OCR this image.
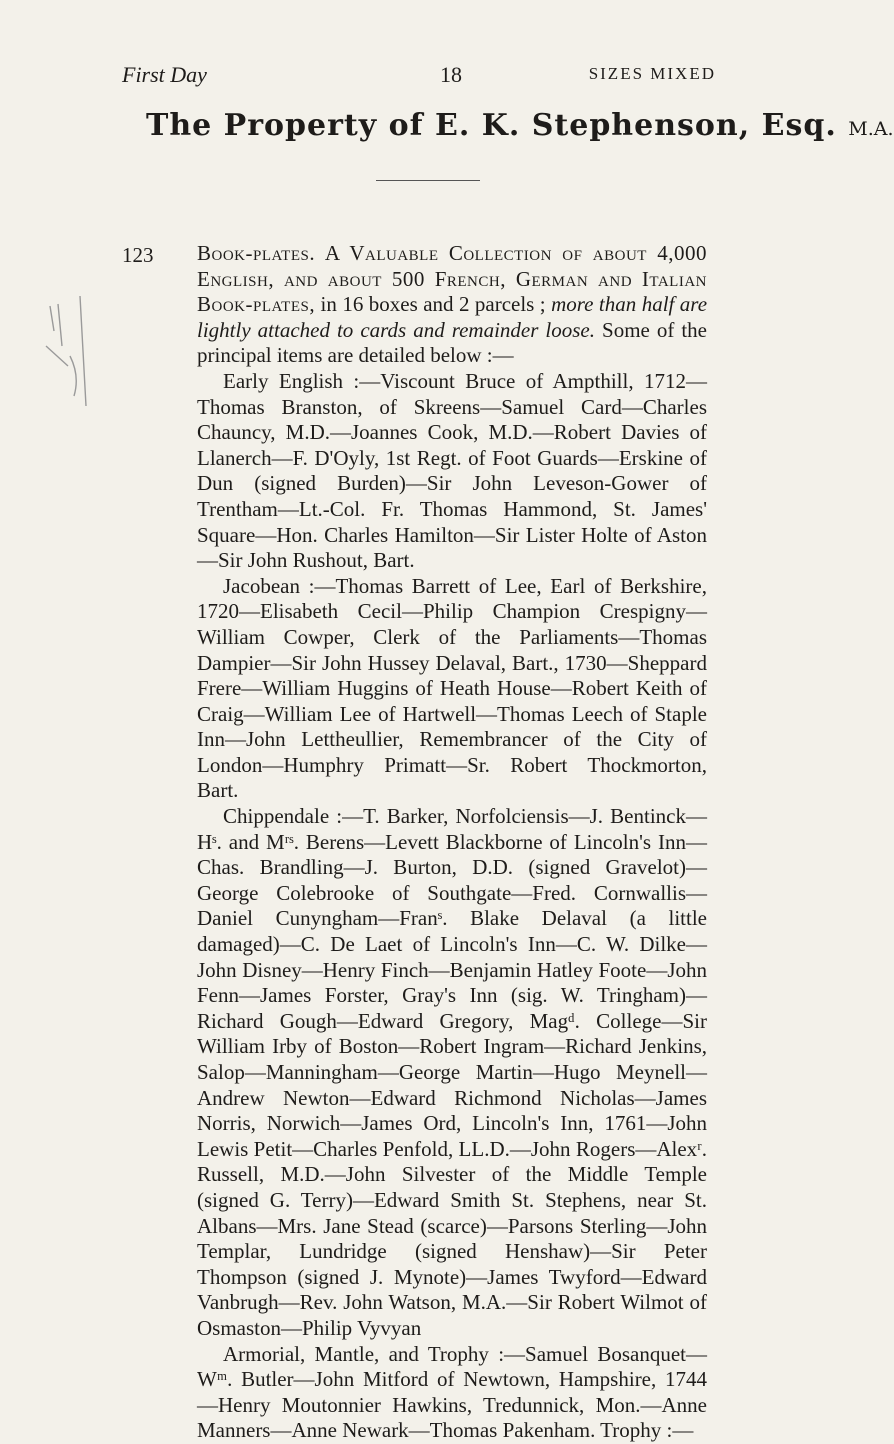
First Day	18	SIZES MIXED
The Property of E. K. Stephenson, Esq. M.A.
123 Book-plates. A Valuable Collection of about 4,000 English, and about 500 French, German and Italian Book-plates, in 16 boxes and 2 parcels ; more than half are lightly attached to cards and remainder loose. Some of the principal items are detailed below :—

Early English :—Viscount Bruce of Ampthill, 1712—Thomas Branston, of Skreens—Samuel Card—Charles Chauncy, M.D.—Joannes Cook, M.D.—Robert Davies of Llanerch—F. D'Oyly, 1st Regt. of Foot Guards—Erskine of Dun (signed Burden)—Sir John Leveson-Gower of Trentham—Lt.-Col. Fr. Thomas Hammond, St. James' Square—Hon. Charles Hamilton—Sir Lister Holte of Aston—Sir John Rushout, Bart.

Jacobean :—Thomas Barrett of Lee, Earl of Berkshire, 1720—Elisabeth Cecil—Philip Champion Crespigny—William Cowper, Clerk of the Parliaments—Thomas Dampier—Sir John Hussey Delaval, Bart., 1730—Sheppard Frere—William Huggins of Heath House—Robert Keith of Craig—William Lee of Hartwell—Thomas Leech of Staple Inn—John Lettheullier, Remembrancer of the City of London—Humphry Primatt—Sr. Robert Thockmorton, Bart.

Chippendale :—T. Barker, Norfolciensis—J. Bentinck—Hˢ. and Mʳˢ. Berens—Levett Blackborne of Lincoln's Inn—Chas. Brandling—J. Burton, D.D. (signed Gravelot)—George Colebrooke of Southgate—Fred. Cornwallis—Daniel Cunyngham—Franˢ. Blake Delaval (a little damaged)—C. De Laet of Lincoln's Inn—C. W. Dilke—John Disney—Henry Finch—Benjamin Hatley Foote—John Fenn—James Forster, Gray's Inn (sig. W. Tringham)—Richard Gough—Edward Gregory, Magᵈ. College—Sir William Irby of Boston—Robert Ingram—Richard Jenkins, Salop—Manningham—George Martin—Hugo Meynell—Andrew Newton—Edward Richmond Nicholas—James Norris, Norwich—James Ord, Lincoln's Inn, 1761—John Lewis Petit—Charles Penfold, LL.D.—John Rogers—Alexʳ. Russell, M.D.—John Silvester of the Middle Temple (signed G. Terry)—Edward Smith St. Stephens, near St. Albans—Mrs. Jane Stead (scarce)—Parsons Sterling—John Templar, Lundridge (signed Henshaw)—Sir Peter Thompson (signed J. Mynote)—James Twyford—Edward Vanbrugh—Rev. John Watson, M.A.—Sir Robert Wilmot of Osmaston—Philip Vyvyan

Armorial, Mantle, and Trophy :—Samuel Bosanquet—Wᵐ. Butler—John Mitford of Newtown, Hampshire, 1744—Henry Moutonnier Hawkins, Tredunnick, Mon.—Anne Manners—Anne Newark—Thomas Pakenham. Trophy :—
